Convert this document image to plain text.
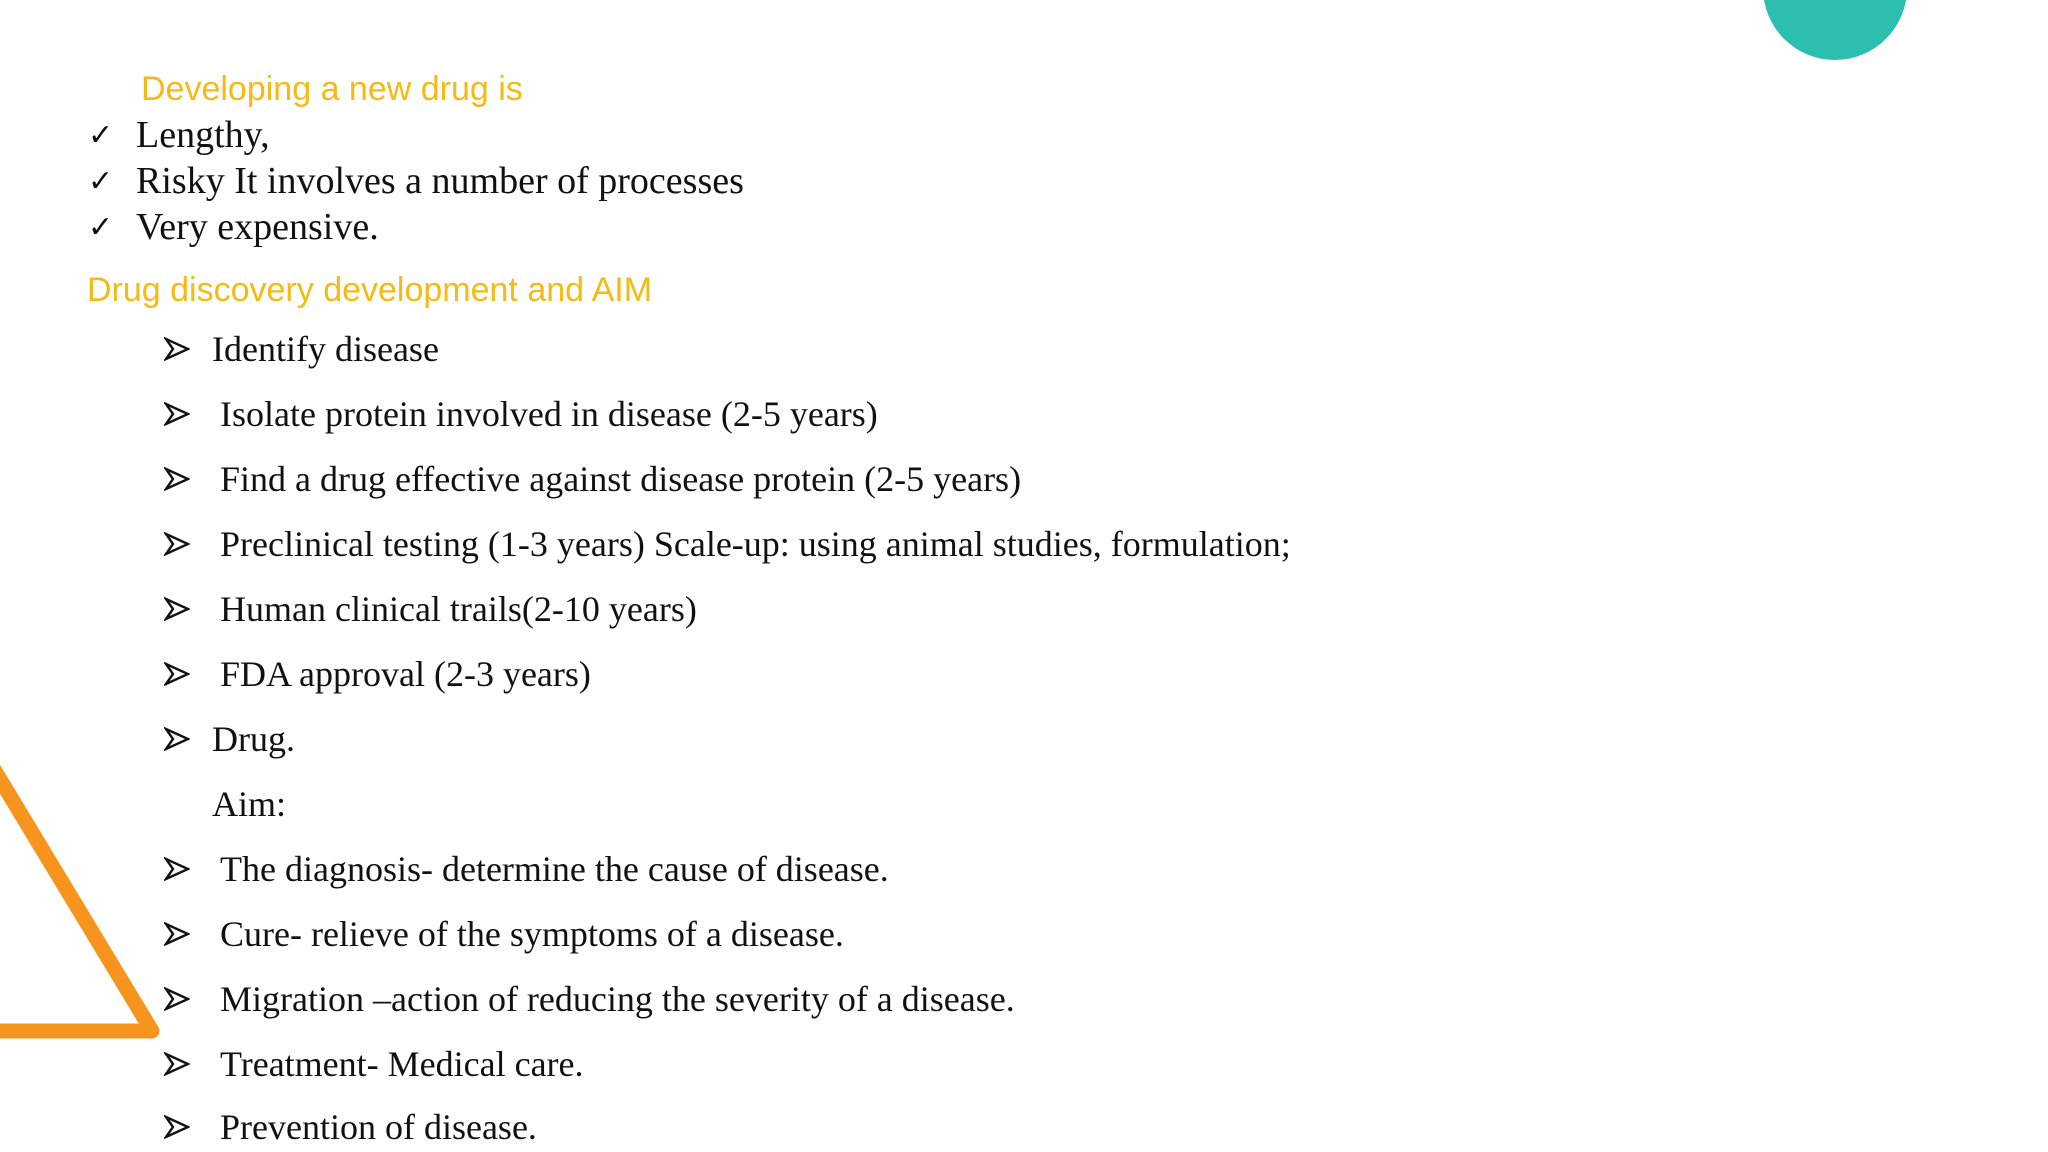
Developing a new drug is
✓ Lengthy,
✓ Risky It involves a number of processes
✓ Very expensive.
Drug discovery development and AIM
Identify disease
Isolate protein involved in disease (2-5 years)
Find a drug effective against disease protein (2-5 years)
Preclinical testing (1-3 years) Scale-up: using animal studies, formulation;
Human clinical trails(2-10 years)
FDA approval (2-3 years)
Drug.
Aim:
The diagnosis- determine the cause of disease.
Cure- relieve of the symptoms of a disease.
Migration –action of reducing the severity of a disease.
Treatment- Medical care.
Prevention of disease.
